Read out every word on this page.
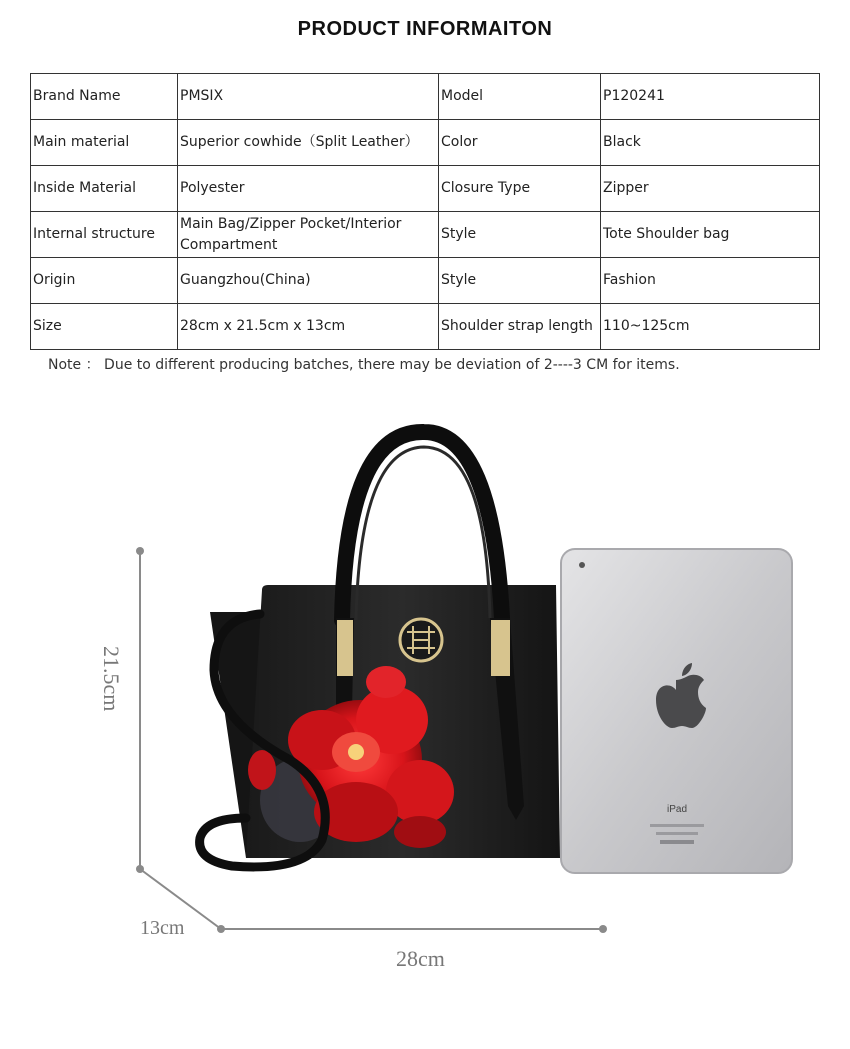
PRODUCT INFORMAITON
Brand Name	PMSIX	Model	P120241
Main material	Superior cowhide（Split Leather）	Color	Black
Inside Material	Polyester	Closure Type	Zipper
Internal structure	Main Bag/Zipper Pocket/Interior Compartment	Style	Tote Shoulder bag
Origin	Guangzhou(China)	Style	Fashion
Size	28cm x 21.5cm x 13cm	Shoulder strap length	110~125cm
Note ： Due to different producing batches, there may be deviation of 2----3 CM for items.
21.5cm
13cm
28cm
iPad
